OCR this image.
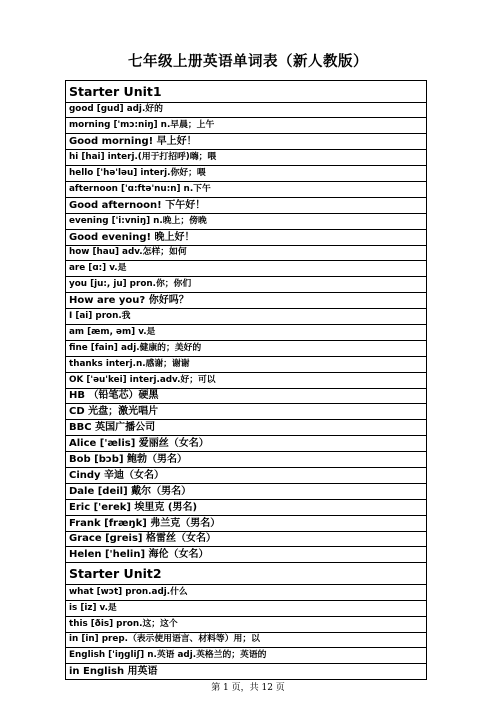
七年级上册英语单词表（新人教版）
Starter Unit1
good [gud] adj.好的
morning ['mɔ:niŋ] n.早晨；上午
Good morning! 早上好！
hi [hai] interj.(用于打招呼)嗨；喂
hello ['hə'ləu] interj.你好；喂
afternoon ['ɑ:ftə'nu:n] n.下午
Good afternoon! 下午好！
evening ['i:vniŋ] n.晚上；傍晚
Good evening! 晚上好！
how [hau] adv.怎样；如何
are [ɑ:] v.是
you [ju:, ju] pron.你；你们
How are you? 你好吗？
I [ai] pron.我
am [æm, əm] v.是
fine [fain] adj.健康的；美好的
thanks interj.n.感谢；谢谢
OK ['əu'kei] interj.adv.好；可以
HB （铅笔芯）硬黑
CD 光盘；激光唱片
BBC 英国广播公司
Alice ['ælis] 爱丽丝（女名）
Bob [bɔb] 鲍勃（男名）
Cindy 辛迪（女名）
Dale [deil] 戴尔（男名）
Eric ['erek] 埃里克 (男名)
Frank [fræŋk] 弗兰克（男名）
Grace [greis] 格雷丝（女名）
Helen ['helin] 海伦（女名）
Starter Unit2
what [wɔt] pron.adj.什么
is [iz] v.是
this [ðis] pron.这；这个
in [in] prep.（表示使用语言、材料等）用；以
English ['iŋgliʃ] n.英语 adj.英格兰的；英语的
in English 用英语
第 1 页，共 12 页
